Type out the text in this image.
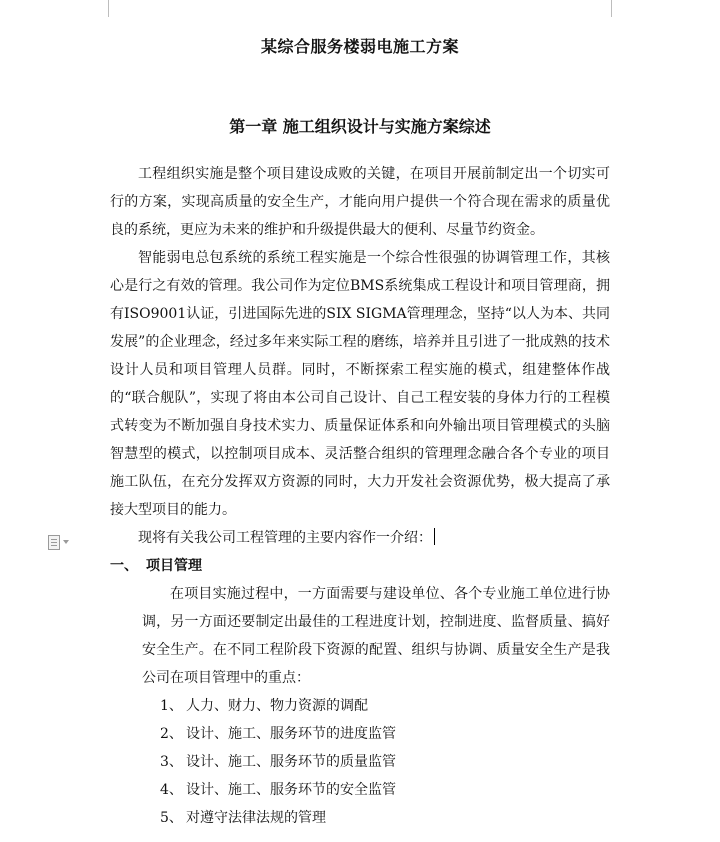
某综合服务楼弱电施工方案
第一章 施工组织设计与实施方案综述

工程组织实施是整个项目建设成败的关键，在项目开展前制定出一个切实可行的方案，实现高质量的安全生产，才能向用户提供一个符合现在需求的质量优良的系统，更应为未来的维护和升级提供最大的便利、尽量节约资金。

智能弱电总包系统的系统工程实施是一个综合性很强的协调管理工作，其核心是行之有效的管理。我公司作为定位BMS系统集成工程设计和项目管理商，拥有ISO9001认证，引进国际先进的SIX SIGMA管理理念，坚持“以人为本、共同发展”的企业理念，经过多年来实际工程的磨练，培养并且引进了一批成熟的技术设计人员和项目管理人员群。同时，不断探索工程实施的模式，组建整体作战的“联合舰队”，实现了将由本公司自己设计、自己工程安装的身体力行的工程模式转变为不断加强自身技术实力、质量保证体系和向外输出项目管理模式的头脑智慧型的模式，以控制项目成本、灵活整合组织的管理理念融合各个专业的项目施工队伍，在充分发挥双方资源的同时，大力开发社会资源优势，极大提高了承接大型项目的能力。

现将有关我公司工程管理的主要内容作一介绍：

一、 项目管理

在项目实施过程中，一方面需要与建设单位、各个专业施工单位进行协调，另一方面还要制定出最佳的工程进度计划，控制进度、监督质量、搞好安全生产。在不同工程阶段下资源的配置、组织与协调、质量安全生产是我公司在项目管理中的重点：

1、 人力、财力、物力资源的调配
2、 设计、施工、服务环节的进度监管
3、 设计、施工、服务环节的质量监管
4、 设计、施工、服务环节的安全监管
5、 对遵守法律法规的管理
